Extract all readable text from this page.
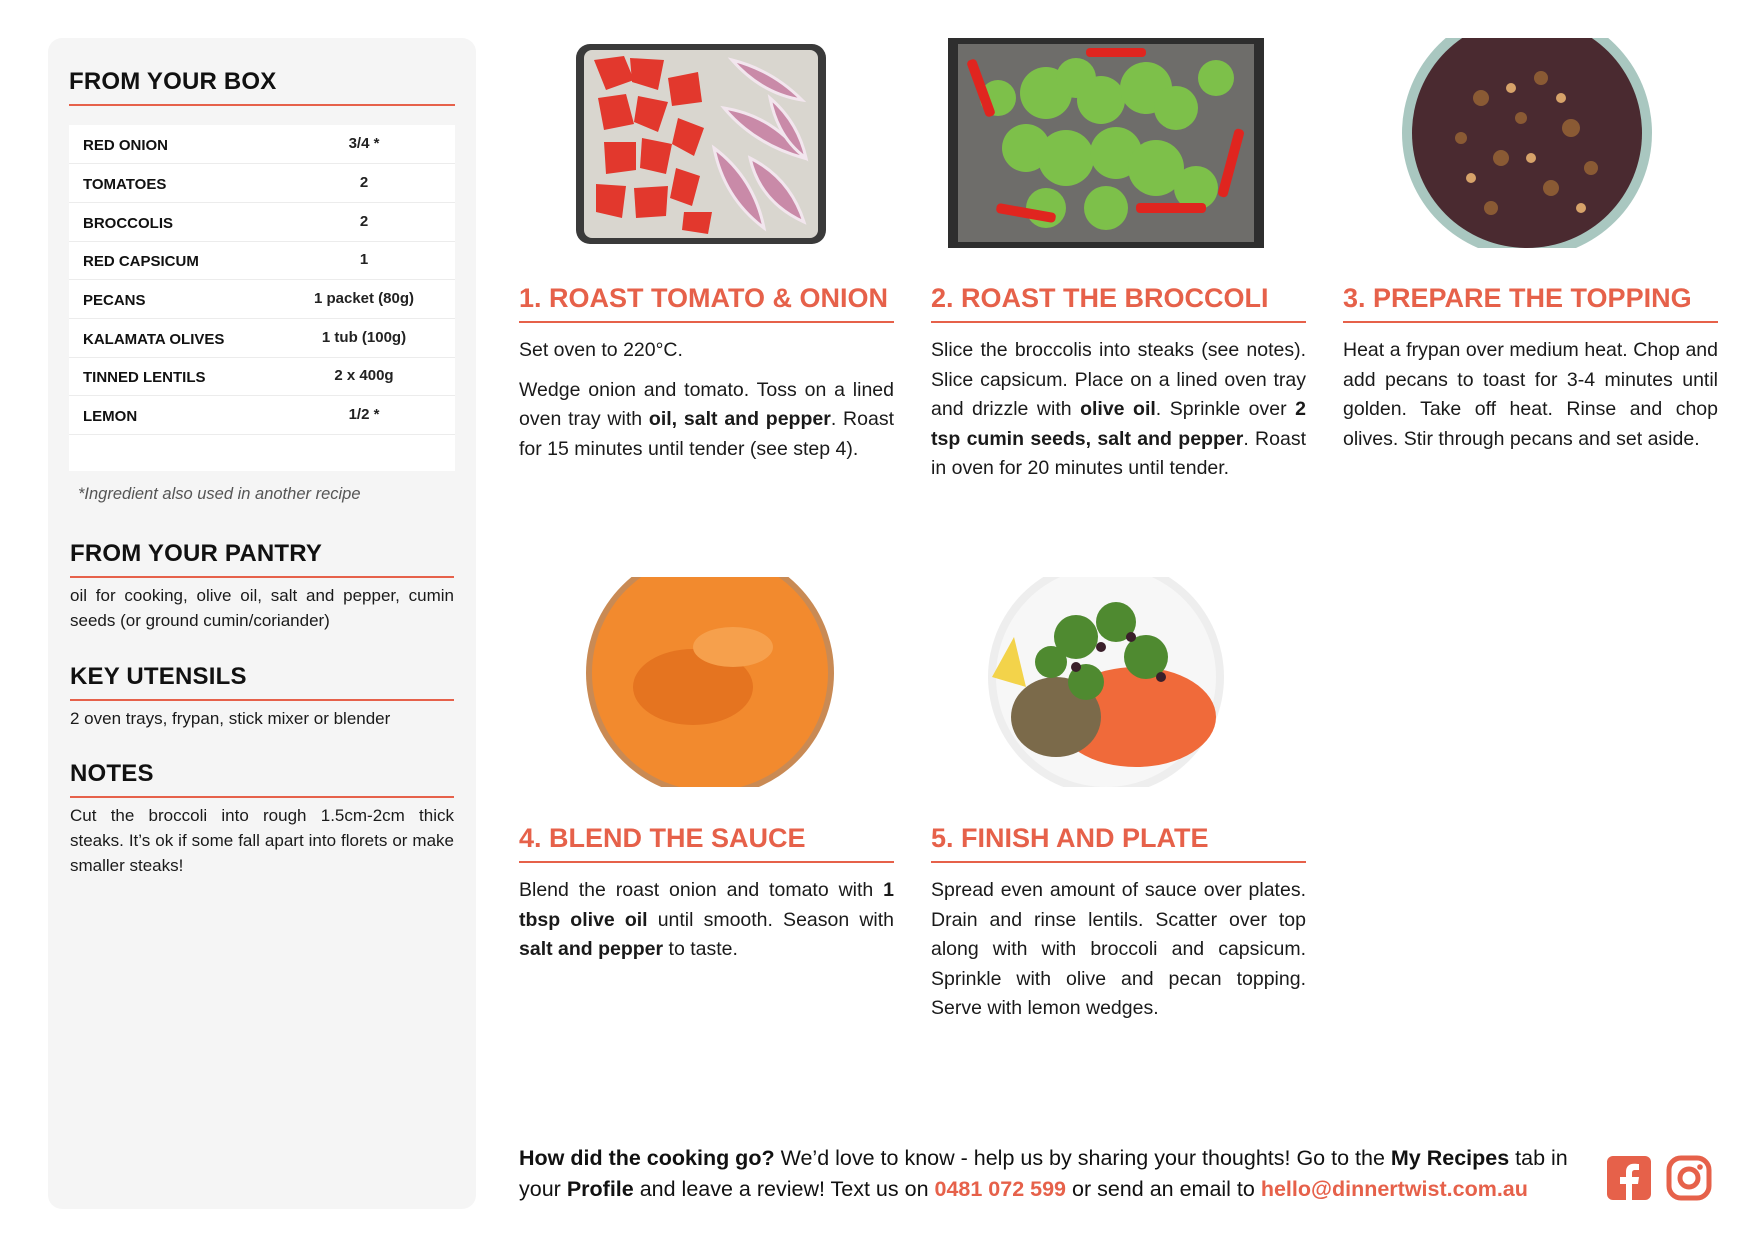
FROM YOUR BOX
RED ONION	3/4 *
TOMATOES	2
BROCCOLIS	2
RED CAPSICUM	1
PECANS	1 packet (80g)
KALAMATA OLIVES	1 tub (100g)
TINNED LENTILS	2 x 400g
LEMON	1/2 *
*Ingredient also used in another recipe
FROM YOUR PANTRY
oil for cooking, olive oil, salt and pepper, cumin seeds (or ground cumin/coriander)
KEY UTENSILS
2 oven trays, frypan, stick mixer or blender
NOTES
Cut the broccoli into rough 1.5cm-2cm thick steaks. It’s ok if some fall apart into florets or make smaller steaks!
1. ROAST TOMATO & ONION

Set oven to 220°C.

Wedge onion and tomato. Toss on a lined oven tray with oil, salt and pepper. Roast for 15 minutes until tender (see step 4).

2. ROAST THE BROCCOLI

Slice the broccolis into steaks (see notes). Slice capsicum. Place on a lined oven tray and drizzle with olive oil. Sprinkle over 2 tsp cumin seeds, salt and pepper. Roast in oven for 20 minutes until tender.

3. PREPARE THE TOPPING

Heat a frypan over medium heat. Chop and add pecans to toast for 3-4 minutes until golden. Take off heat. Rinse and chop olives. Stir through pecans and set aside.

4. BLEND THE SAUCE

Blend the roast onion and tomato with 1 tbsp olive oil until smooth. Season with salt and pepper to taste.

5. FINISH AND PLATE

Spread even amount of sauce over plates. Drain and rinse lentils. Scatter over top along with with broccoli and capsicum. Sprinkle with olive and pecan topping. Serve with lemon wedges.

How did the cooking go? We’d love to know - help us by sharing your thoughts! Go to the My Recipes tab in your Profile and leave a review! Text us on 0481 072 599 or send an email to hello@dinnertwist.com.au
